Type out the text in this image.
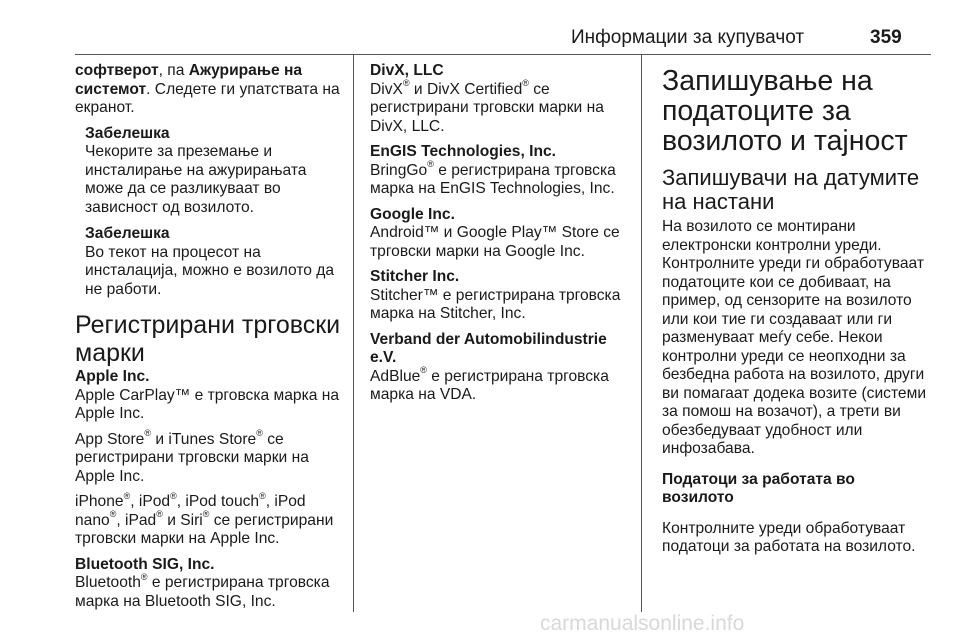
Информации за купувачот	359

софтверот, па Ажурирање на системот. Следете ги упатствата на екранот.

Забелешка
Чекорите за преземање и инсталирање на ажурирањата може да се разликуваат во зависност од возилото.
Забелешка
Во текот на процесот на инсталација, можно е возилото да не работи.
Регистрирани трговски марки
Apple Inc.

Apple CarPlay™ е трговска марка на Apple Inc.

App Store® и iTunes Store® се регистрирани трговски марки на Apple Inc.

iPhone®, iPod®, iPod touch®, iPod nano®, iPad® и Siri® се регистрирани трговски марки на Apple Inc.

Bluetooth SIG, Inc.

Bluetooth® е регистрирана трговска марка на Bluetooth SIG, Inc.

DivX, LLC

DivX® и DivX Certified® се регистрирани трговски марки на DivX, LLC.

EnGIS Technologies, Inc.

BringGo® е регистрирана трговска марка на EnGIS Technologies, Inc.

Google Inc.

Android™ и Google Play™ Store се трговски марки на Google Inc.

Stitcher Inc.

Stitcher™ е регистрирана трговска марка на Stitcher, Inc.

Verband der Automobilindustrie e.V.

AdBlue® е регистрирана трговска марка на VDA.

Запишување на податоците за возилото и тајност
Запишувачи на датумите на настани

На возилото се монтирани електронски контролни уреди. Контролните уреди ги обработуваат податоците кои се добиваат, на пример, од сензорите на возилото или кои тие ги создаваат или ги разменуваат меѓу себе. Некои контролни уреди се неопходни за безбедна работа на возилото, други ви помагаат додека возите (системи за помош на возачот), а трети ви обезбедуваат удобност или инфозабава.

Податоци за работата во возилото

Контролните уреди обработуваат податоци за работата на возилото.

carmanualsonline.info
